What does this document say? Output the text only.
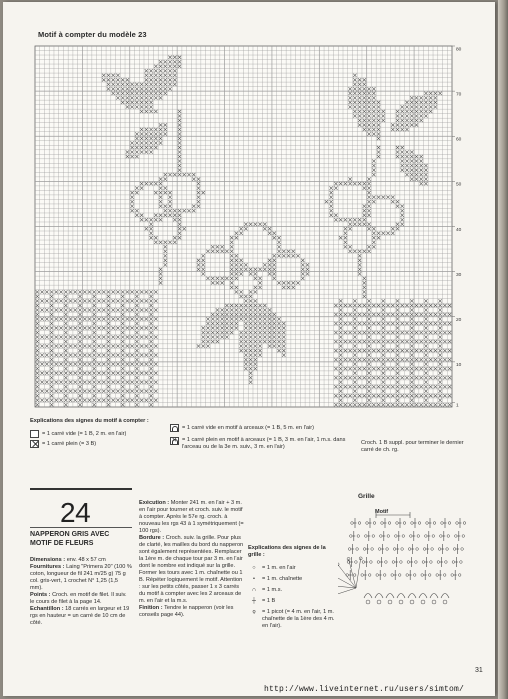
Motif à compter du modèle 23
80
70
60
50
40
30
20
10
1
Explications des signes du motif à compter :
= 1 carré vide (= 1 B, 2 m. en l'air)
= 1 carré plein (= 3 B)
= 1 carré vide en motif à arceaux (= 1 B, 5 m. en l'air)
✕
= 1 carré plein en motif à arceaux (= 1 B, 3 m. en l'air, 1 m.s. dans l'arceau ou de la 3e m. suiv., 3 m. en l'air)
Croch. 1 B suppl. pour terminer le dernier carré de ch. rg.
24
NAPPERON GRIS AVEC MOTIF DE FLEURS
Dimensions : env. 48 x 57 cm
Fournitures : Laing "Primera 20" (100 % coton, longueur de fil 241 m/25 g) 75 g col. gris-vert, 1 crochet N° 1,25 (1,5 mm).
Points : Croch. en motif de filet. Il suiv. le cours de filet à la page 14.
Echantillon : 18 carrés en largeur et 19 rgs en hauteur = un carré de 10 cm de côté.
Exécution : Monter 241 m. en l'air + 3 m. en l'air pour tourner et croch. suiv. le motif à compter. Après le 57e rg. croch. à nouveau les rgs 43 à 1 symétriquement (= 100 rgs).
Bordure : Croch. suiv. la grille. Pour plus de clarté, les mailles du bord du napperon sont également représentées. Remplacer la 1ère m. de chaque tour par 3 m. en l'air dont le nombre est indiqué sur la grille. Former les tours avec 1 m. chaînette ou 1 B. Répéter logiquement le motif. Attention : sur les petits côtés, passer 1 x 3 carrés du motif à compter avec les 2 arceaux de m. en l'air et la m.s.
Finition : Tendre le napperon (voir les conseils page 44).
Grille
Motif
Explications des signes de la grille :
○	= 1 m. en l'air
•	= 1 m. chaînette
∩	= 1 m.s.
┼	= 1 B
ǫ	= 1 picot (= 4 m. en l'air, 1 m. chaînette de la 1ère des 4 m. en l'air).
31
http://www.liveinternet.ru/users/simtom/
